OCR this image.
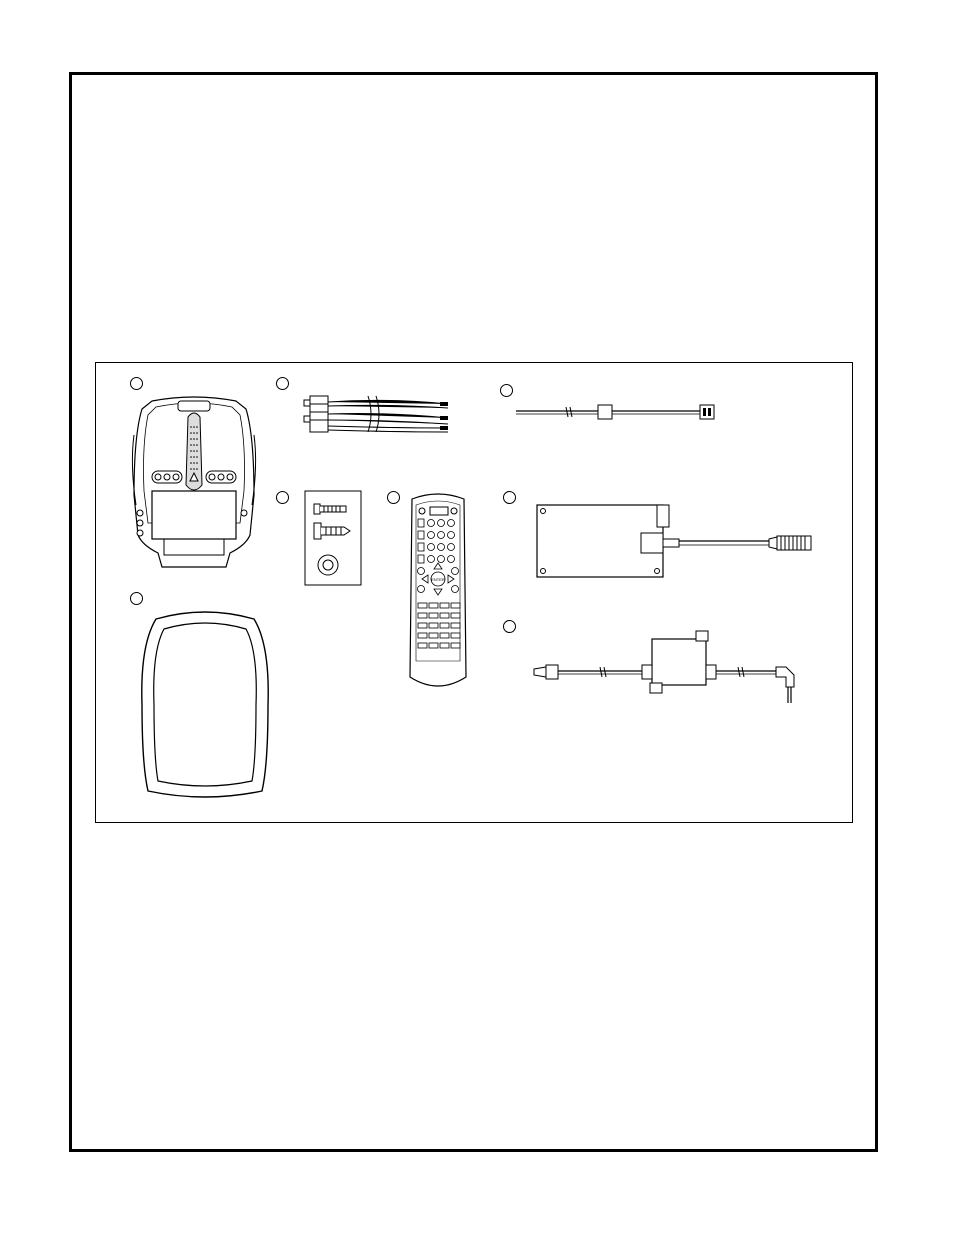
ENTER
